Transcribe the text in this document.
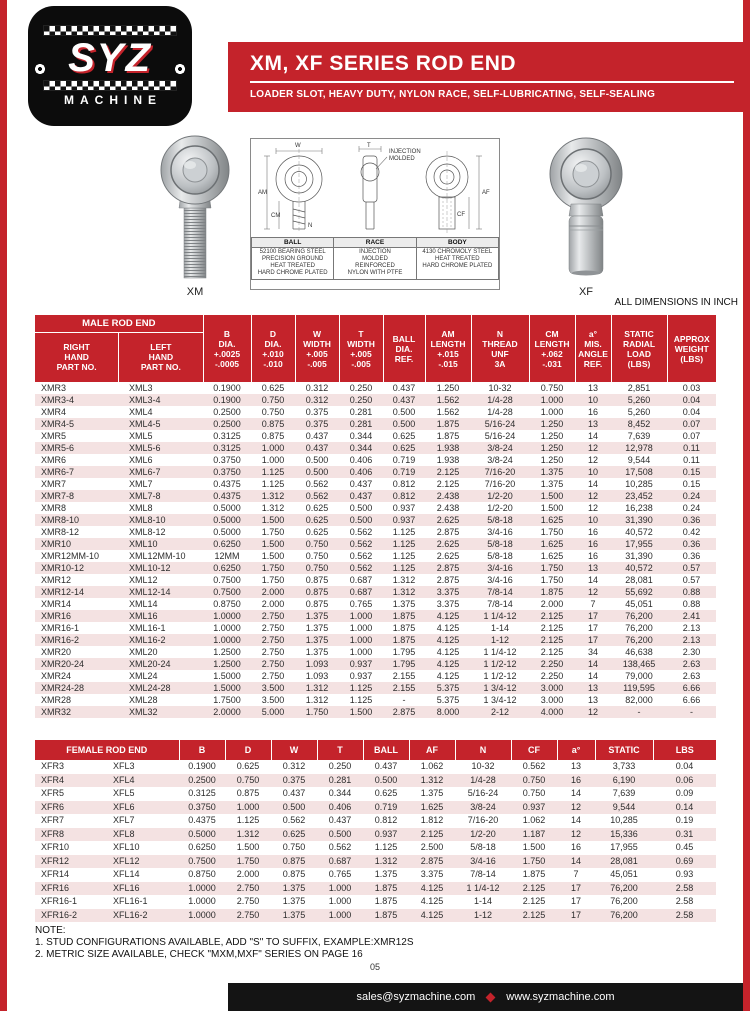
SYZ
MACHINE
XM, XF SERIES ROD END
LOADER SLOT, HEAVY DUTY, NYLON RACE, SELF-LUBRICATING, SELF-SEALING
XM	XF
W
AM
CM
N
T
AF
CF
INJECTION
MOLDED
BALL	RACE	BODY

52100 BEARING STEEL
PRECISION GROUND
HEAT TREATED
HARD CHROME PLATED

INJECTION
MOLDED
REINFORCED
NYLON WITH PTFE

4130 CHROMOLY STEEL
HEAT TREATED
HARD CHROME PLATED
ALL DIMENSIONS IN INCH
MALE ROD END
RIGHT
HAND
PART NO.
LEFT
HAND
PART NO.

B
DIA.
+.0025
-.0005

D
DIA.
+.010
-.010

W
WIDTH
+.005
-.005

T
WIDTH
+.005
-.005

BALL
DIA.
REF.

AM
LENGTH
+.015
-.015

N
THREAD
UNF
3A

CM
LENGTH
+.062
-.031

a°
MIS.
ANGLE
REF.

STATIC
RADIAL
LOAD
(LBS)

APPROX
WEIGHT
(LBS)

XMR3	XML3	0.1900	0.625	0.312	0.250	0.437	1.250	10-32	0.750	13	2,851	0.03
XMR3-4	XML3-4	0.1900	0.750	0.312	0.250	0.437	1.562	1/4-28	1.000	10	5,260	0.04
XMR4	XML4	0.2500	0.750	0.375	0.281	0.500	1.562	1/4-28	1.000	16	5,260	0.04
XMR4-5	XML4-5	0.2500	0.875	0.375	0.281	0.500	1.875	5/16-24	1.250	13	8,452	0.07
XMR5	XML5	0.3125	0.875	0.437	0.344	0.625	1.875	5/16-24	1.250	14	7,639	0.07
XMR5-6	XML5-6	0.3125	1.000	0.437	0.344	0.625	1.938	3/8-24	1.250	12	12,978	0.11
XMR6	XML6	0.3750	1.000	0.500	0.406	0.719	1.938	3/8-24	1.250	12	9,544	0.11
XMR6-7	XML6-7	0.3750	1.125	0.500	0.406	0.719	2.125	7/16-20	1.375	10	17,508	0.15
XMR7	XML7	0.4375	1.125	0.562	0.437	0.812	2.125	7/16-20	1.375	14	10,285	0.15
XMR7-8	XML7-8	0.4375	1.312	0.562	0.437	0.812	2.438	1/2-20	1.500	12	23,452	0.24
XMR8	XML8	0.5000	1.312	0.625	0.500	0.937	2.438	1/2-20	1.500	12	16,238	0.24
XMR8-10	XML8-10	0.5000	1.500	0.625	0.500	0.937	2.625	5/8-18	1.625	10	31,390	0.36
XMR8-12	XML8-12	0.5000	1.750	0.625	0.562	1.125	2.875	3/4-16	1.750	16	40,572	0.42
XMR10	XML10	0.6250	1.500	0.750	0.562	1.125	2.625	5/8-18	1.625	16	17,955	0.36
XMR12MM-10	XML12MM-10	12MM	1.500	0.750	0.562	1.125	2.625	5/8-18	1.625	16	31,390	0.36
XMR10-12	XML10-12	0.6250	1.750	0.750	0.562	1.125	2.875	3/4-16	1.750	13	40,572	0.57
XMR12	XML12	0.7500	1.750	0.875	0.687	1.312	2.875	3/4-16	1.750	14	28,081	0.57
XMR12-14	XML12-14	0.7500	2.000	0.875	0.687	1.312	3.375	7/8-14	1.875	12	55,692	0.88
XMR14	XML14	0.8750	2.000	0.875	0.765	1.375	3.375	7/8-14	2.000	7	45,051	0.88
XMR16	XML16	1.0000	2.750	1.375	1.000	1.875	4.125	1 1/4-12	2.125	17	76,200	2.41
XMR16-1	XML16-1	1.0000	2.750	1.375	1.000	1.875	4.125	1-14	2.125	17	76,200	2.13
XMR16-2	XML16-2	1.0000	2.750	1.375	1.000	1.875	4.125	1-12	2.125	17	76,200	2.13
XMR20	XML20	1.2500	2.750	1.375	1.000	1.795	4.125	1 1/4-12	2.125	34	46,638	2.30
XMR20-24	XML20-24	1.2500	2.750	1.093	0.937	1.795	4.125	1 1/2-12	2.250	14	138,465	2.63
XMR24	XML24	1.5000	2.750	1.093	0.937	2.155	4.125	1 1/2-12	2.250	14	79,000	2.63
XMR24-28	XML24-28	1.5000	3.500	1.312	1.125	2.155	5.375	1 3/4-12	3.000	13	119,595	6.66
XMR28	XML28	1.7500	3.500	1.312	1.125	-	5.375	1 3/4-12	3.000	13	82,000	6.66
XMR32	XML32	2.0000	5.000	1.750	1.500	2.875	8.000	2-12	4.000	12	-	-
FEMALE ROD END		B	D	W	T	BALL	AF	N	CF	a°	STATIC	LBS
XFR3	XFL3	0.1900	0.625	0.312	0.250	0.437	1.062	10-32	0.562	13	3,733	0.04
XFR4	XFL4	0.2500	0.750	0.375	0.281	0.500	1.312	1/4-28	0.750	16	6,190	0.06
XFR5	XFL5	0.3125	0.875	0.437	0.344	0.625	1.375	5/16-24	0.750	14	7,639	0.09
XFR6	XFL6	0.3750	1.000	0.500	0.406	0.719	1.625	3/8-24	0.937	12	9,544	0.14
XFR7	XFL7	0.4375	1.125	0.562	0.437	0.812	1.812	7/16-20	1.062	14	10,285	0.19
XFR8	XFL8	0.5000	1.312	0.625	0.500	0.937	2.125	1/2-20	1.187	12	15,336	0.31
XFR10	XFL10	0.6250	1.500	0.750	0.562	1.125	2.500	5/8-18	1.500	16	17,955	0.45
XFR12	XFL12	0.7500	1.750	0.875	0.687	1.312	2.875	3/4-16	1.750	14	28,081	0.69
XFR14	XFL14	0.8750	2.000	0.875	0.765	1.375	3.375	7/8-14	1.875	7	45,051	0.93
XFR16	XFL16	1.0000	2.750	1.375	1.000	1.875	4.125	1 1/4-12	2.125	17	76,200	2.58
XFR16-1	XFL16-1	1.0000	2.750	1.375	1.000	1.875	4.125	1-14	2.125	17	76,200	2.58
XFR16-2	XFL16-2	1.0000	2.750	1.375	1.000	1.875	4.125	1-12	2.125	17	76,200	2.58
NOTE:
1. STUD CONFIGURATIONS AVAILABLE, ADD "S" TO SUFFIX, EXAMPLE:XMR12S
2. METRIC SIZE AVAILABLE, CHECK "MXM,MXF" SERIES ON PAGE 16
05
sales@syzmachine.com	www.syzmachine.com
